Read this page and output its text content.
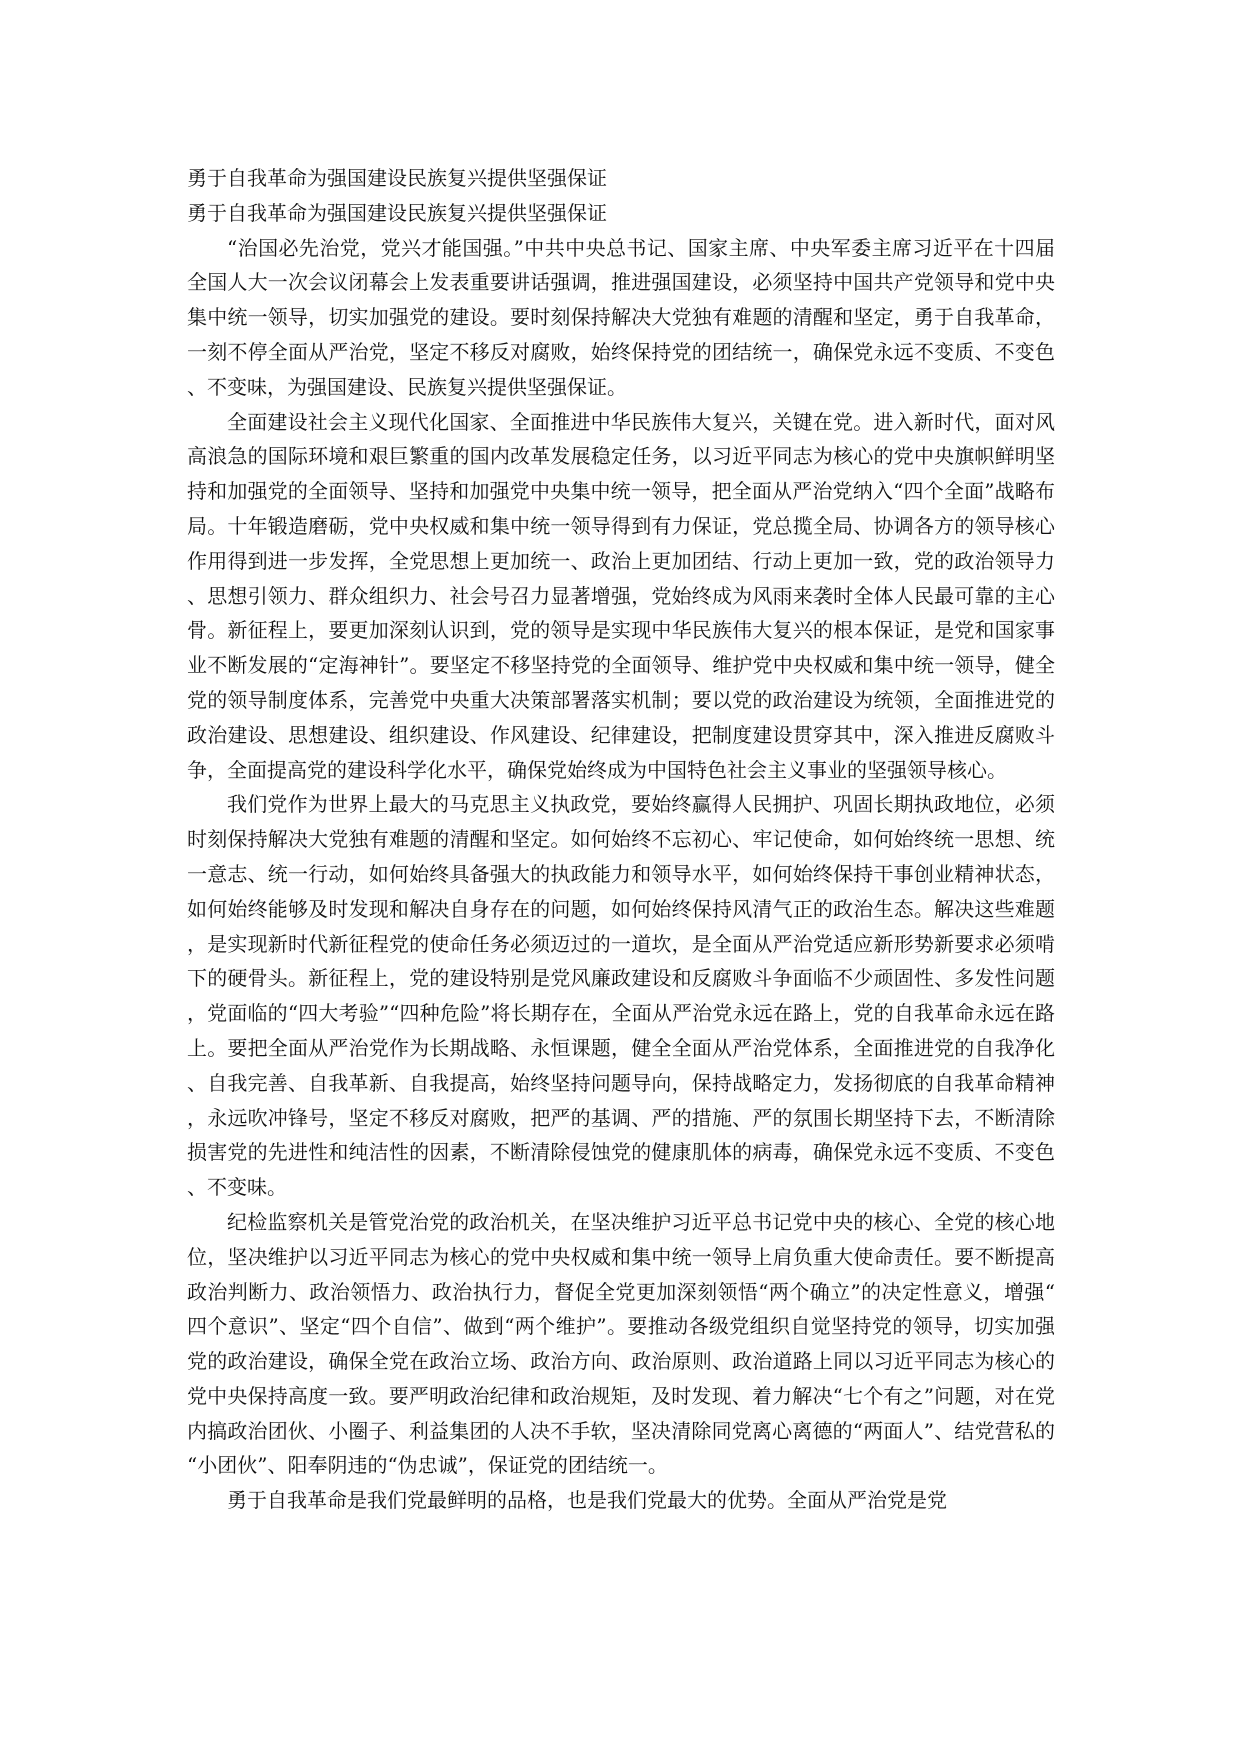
勇于自我革命为强国建设民族复兴提供坚强保证

勇于自我革命为强国建设民族复兴提供坚强保证

“治国必先治党，党兴才能国强。”中共中央总书记、国家主席、中央军委主席习近平在十四届全国人大一次会议闭幕会上发表重要讲话强调，推进强国建设，必须坚持中国共产党领导和党中央集中统一领导，切实加强党的建设。要时刻保持解决大党独有难题的清醒和坚定，勇于自我革命，一刻不停全面从严治党，坚定不移反对腐败，始终保持党的团结统一，确保党永远不变质、不变色、不变味，为强国建设、民族复兴提供坚强保证。

全面建设社会主义现代化国家、全面推进中华民族伟大复兴，关键在党。进入新时代，面对风高浪急的国际环境和艰巨繁重的国内改革发展稳定任务，以习近平同志为核心的党中央旗帜鲜明坚持和加强党的全面领导、坚持和加强党中央集中统一领导，把全面从严治党纳入“四个全面”战略布局。十年锻造磨砺，党中央权威和集中统一领导得到有力保证，党总揽全局、协调各方的领导核心作用得到进一步发挥，全党思想上更加统一、政治上更加团结、行动上更加一致，党的政治领导力、思想引领力、群众组织力、社会号召力显著增强，党始终成为风雨来袭时全体人民最可靠的主心骨。新征程上，要更加深刻认识到，党的领导是实现中华民族伟大复兴的根本保证，是党和国家事业不断发展的“定海神针”。要坚定不移坚持党的全面领导、维护党中央权威和集中统一领导，健全党的领导制度体系，完善党中央重大决策部署落实机制；要以党的政治建设为统领，全面推进党的政治建设、思想建设、组织建设、作风建设、纪律建设，把制度建设贯穿其中，深入推进反腐败斗争，全面提高党的建设科学化水平，确保党始终成为中国特色社会主义事业的坚强领导核心。

我们党作为世界上最大的马克思主义执政党，要始终赢得人民拥护、巩固长期执政地位，必须时刻保持解决大党独有难题的清醒和坚定。如何始终不忘初心、牢记使命，如何始终统一思想、统一意志、统一行动，如何始终具备强大的执政能力和领导水平，如何始终保持干事创业精神状态，如何始终能够及时发现和解决自身存在的问题，如何始终保持风清气正的政治生态。解决这些难题，是实现新时代新征程党的使命任务必须迈过的一道坎，是全面从严治党适应新形势新要求必须啃下的硬骨头。新征程上，党的建设特别是党风廉政建设和反腐败斗争面临不少顽固性、多发性问题，党面临的“四大考验”“四种危险”将长期存在，全面从严治党永远在路上，党的自我革命永远在路上。要把全面从严治党作为长期战略、永恒课题，健全全面从严治党体系，全面推进党的自我净化、自我完善、自我革新、自我提高，始终坚持问题导向，保持战略定力，发扬彻底的自我革命精神，永远吹冲锋号，坚定不移反对腐败，把严的基调、严的措施、严的氛围长期坚持下去，不断清除损害党的先进性和纯洁性的因素，不断清除侵蚀党的健康肌体的病毒，确保党永远不变质、不变色、不变味。

纪检监察机关是管党治党的政治机关，在坚决维护习近平总书记党中央的核心、全党的核心地位，坚决维护以习近平同志为核心的党中央权威和集中统一领导上肩负重大使命责任。要不断提高政治判断力、政治领悟力、政治执行力，督促全党更加深刻领悟“两个确立”的决定性意义，增强“四个意识”、坚定“四个自信”、做到“两个维护”。要推动各级党组织自觉坚持党的领导，切实加强党的政治建设，确保全党在政治立场、政治方向、政治原则、政治道路上同以习近平同志为核心的党中央保持高度一致。要严明政治纪律和政治规矩，及时发现、着力解决“七个有之”问题，对在党内搞政治团伙、小圈子、利益集团的人决不手软，坚决清除同党离心离德的“两面人”、结党营私的“小团伙”、阳奉阴违的“伪忠诚”，保证党的团结统一。

勇于自我革命是我们党最鲜明的品格，也是我们党最大的优势。全面从严治党是党
